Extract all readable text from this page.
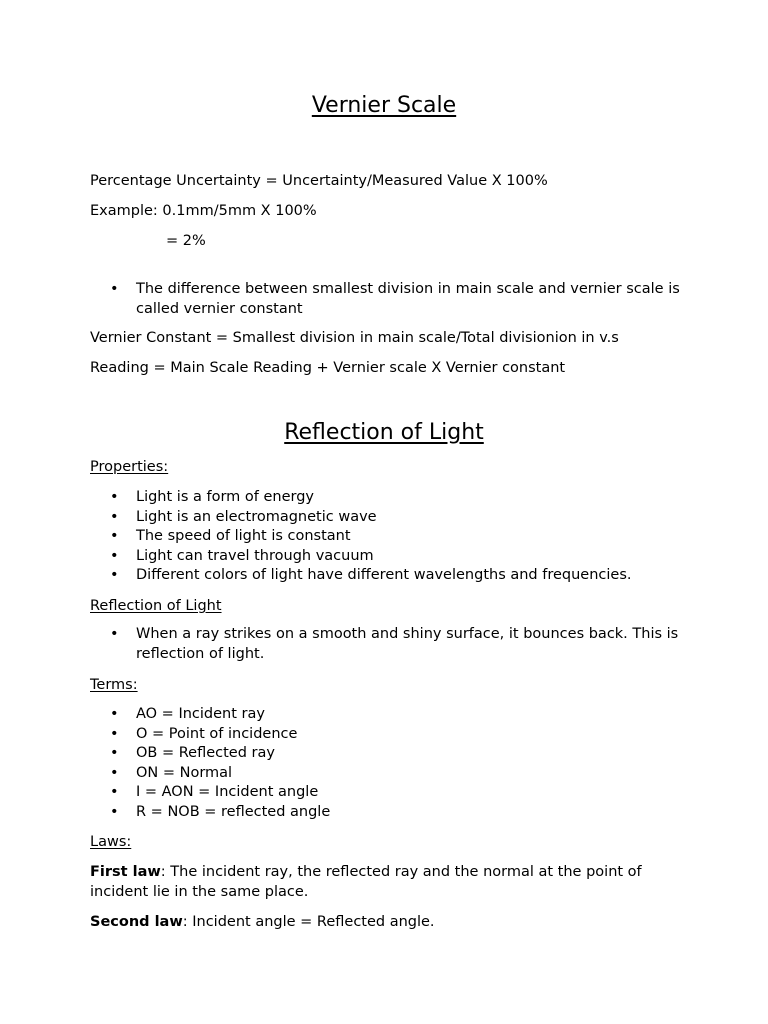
Vernier Scale
Percentage Uncertainty = Uncertainty/Measured Value X 100%
Example: 0.1mm/5mm X 100%
= 2%
• The difference between smallest division in main scale and vernier scale is called vernier constant
Vernier Constant = Smallest division in main scale/Total divisionion in v.s
Reading = Main Scale Reading + Vernier scale X Vernier constant
Reflection of Light
Properties:
• Light is a form of energy
• Light is an electromagnetic wave
• The speed of light is constant
• Light can travel through vacuum
• Different colors of light have different wavelengths and frequencies.
Reflection of Light
• When a ray strikes on a smooth and shiny surface, it bounces back. This is reflection of light.
Terms:
• AO = Incident ray
• O = Point of incidence
• OB = Reflected ray
• ON = Normal
• I = AON = Incident angle
• R = NOB = reflected angle
Laws:
First law: The incident ray, the reflected ray and the normal at the point of incident lie in the same place.
Second law: Incident angle = Reflected angle.
